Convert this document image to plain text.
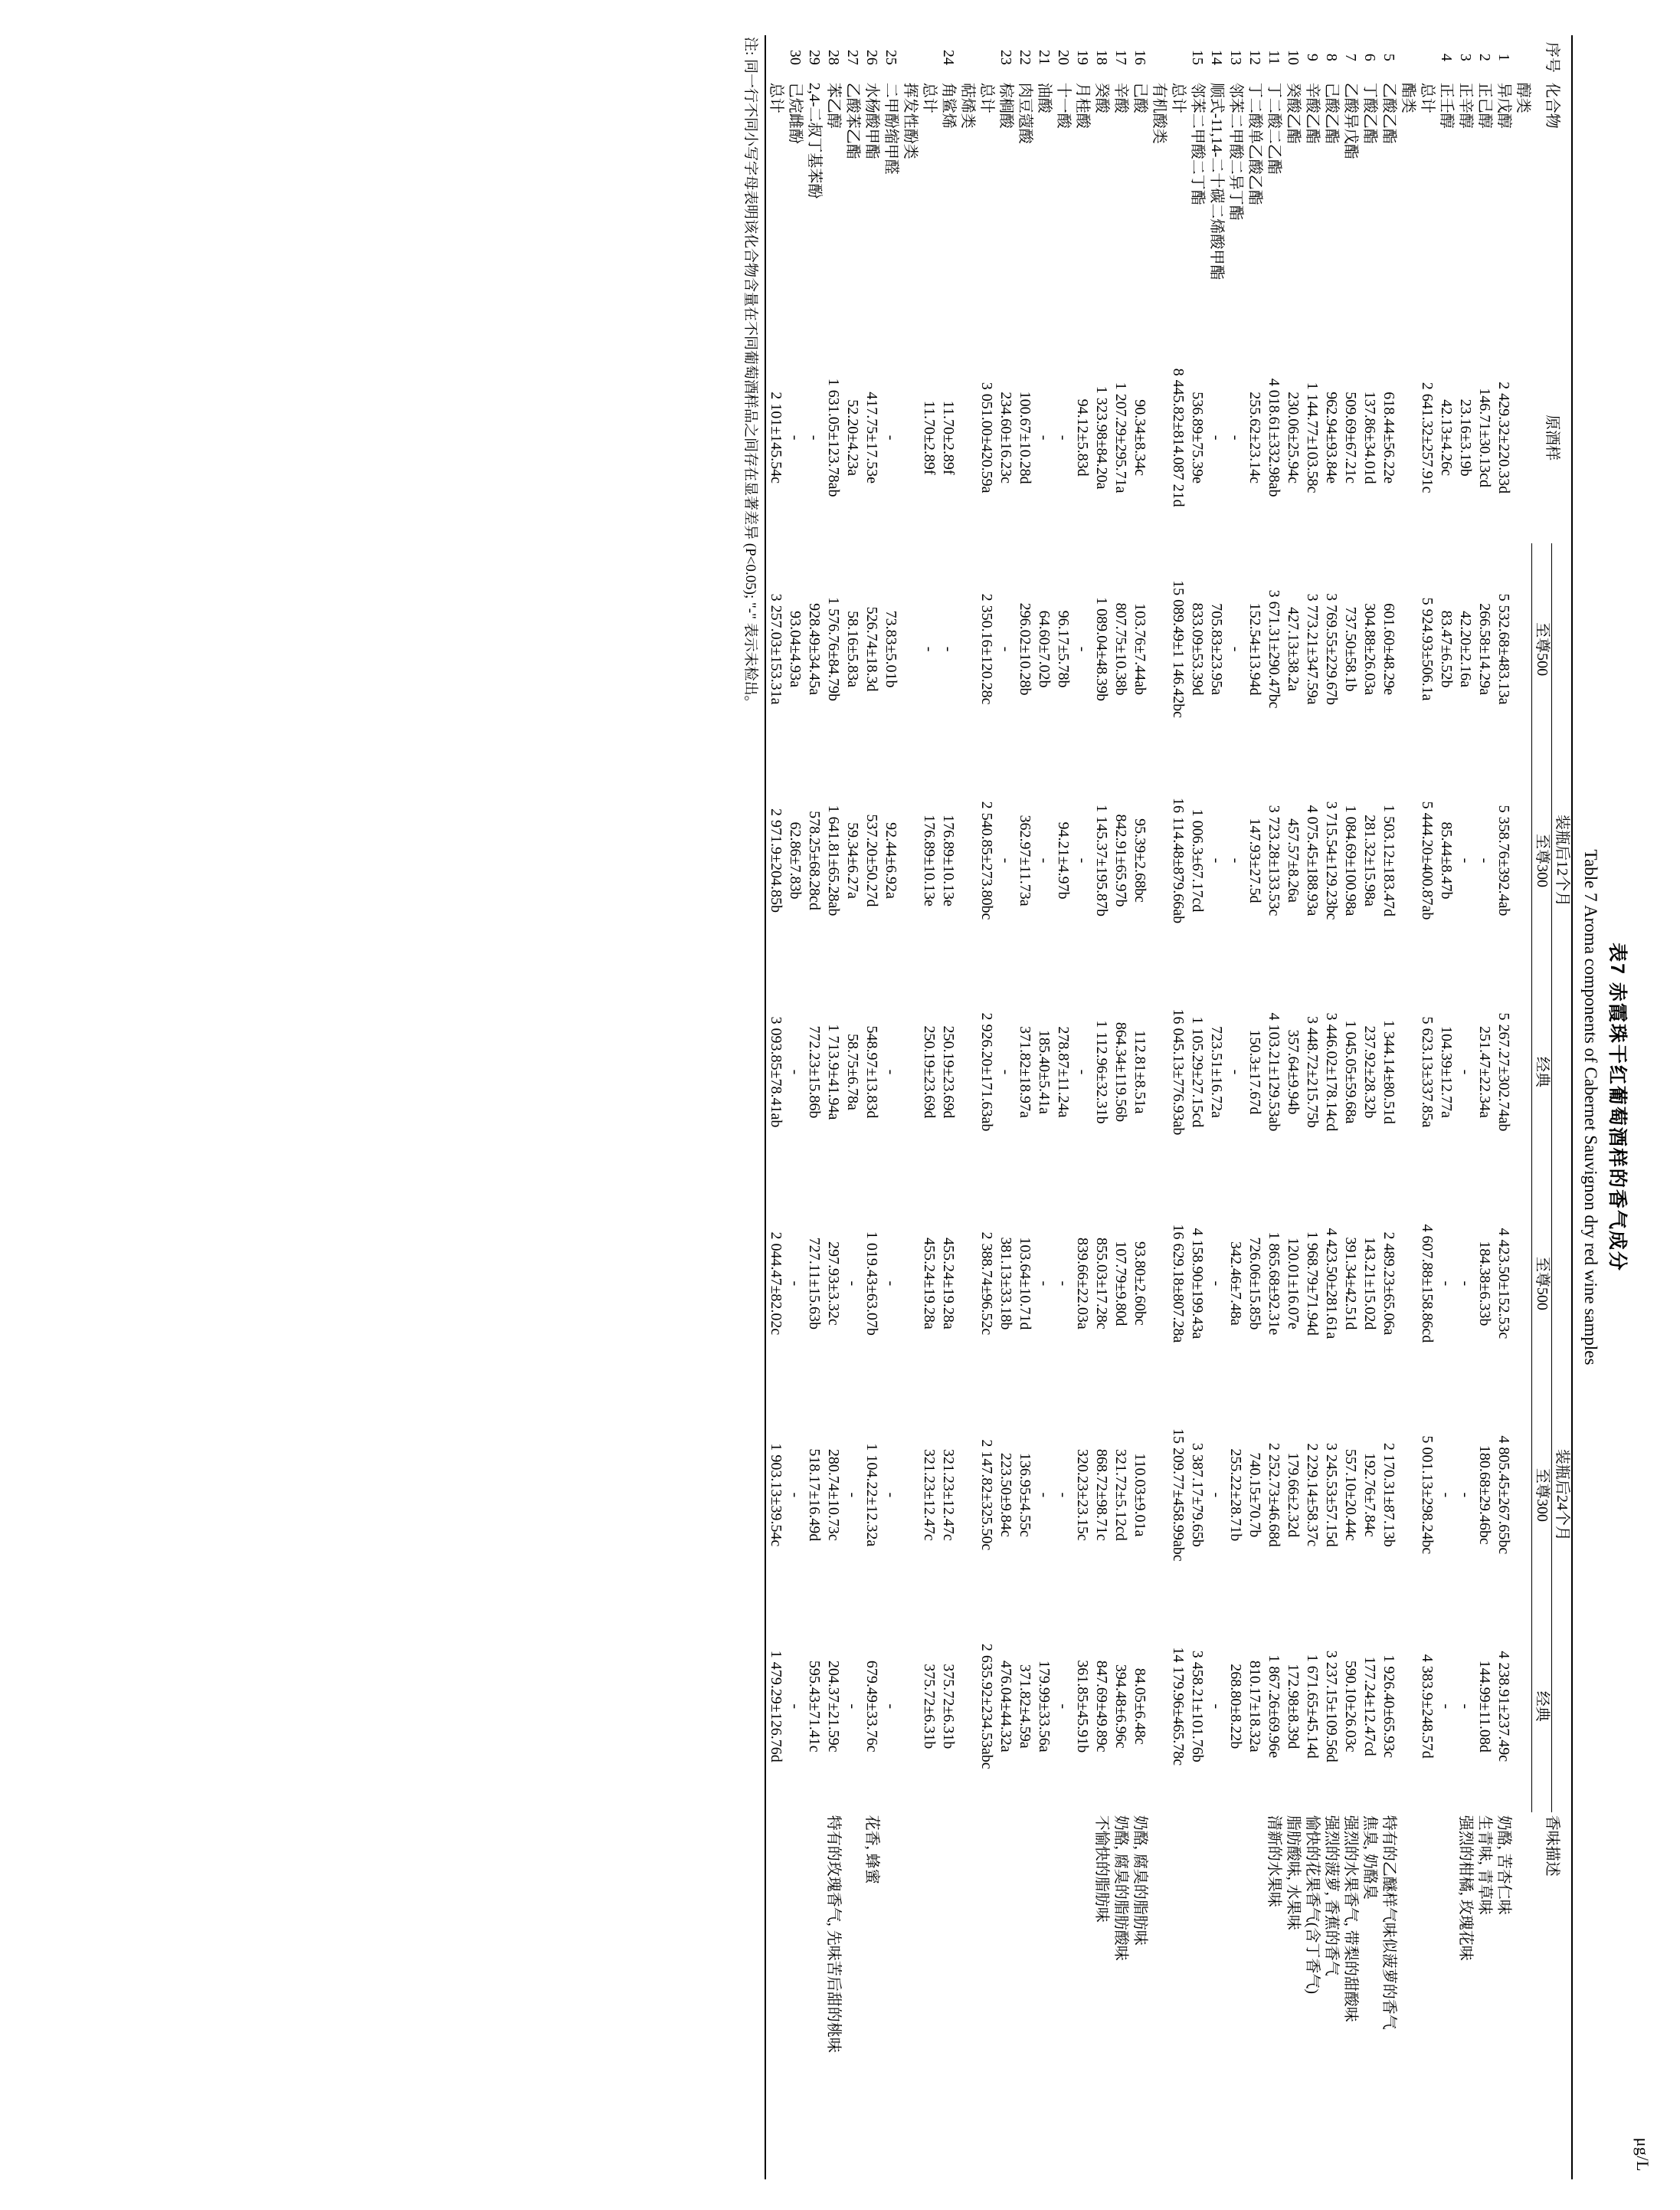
μg/L
表7 赤霞珠干红葡萄酒样的香气成分
Table 7 Aroma components of Cabernet Sauvignon dry red wine samples
序号	化合物	原酒样	装瓶后12个月			装瓶后24个月			香味描述
			至尊500	至尊300	经典	至尊500	至尊300	经典	
	醇类								
1	异戊醇	2 429.32±220.33d	5 532.68±483.13a	5 358.76±392.4ab	5 267.27±302.74ab	4 423.50±152.53c	4 805.45±267.65bc	4 238.91±237.49c	奶酪, 苦杏仁味
2	正己醇	146.71±30.13cd	266.58±14.29a	-	251.47±22.34a	184.38±6.33b	180.68±29.46bc	144.99±11.08d	生青味, 青草味
3	正辛醇	23.16±3.19b	42.20±2.16a	-	-	-	-	-	强烈的柑橘, 玫瑰花味
4	正壬醇	42.13±4.26c	83.47±6.52b	85.44±8.47b	104.39±12.77a	-	-	-	
	总计	2 641.32±257.91c	5 924.93±506.1a	5 444.20±400.87ab	5 623.13±337.85a	4 607.88±158.86cd	5 001.13±298.24bc	4 383.9±248.57d	
	酯类								
5	乙酸乙酯	618.44±56.22e	601.60±48.29e	1 503.12±183.47d	1 344.14±80.51d	2 489.23±65.06a	2 170.31±87.13b	1 926.40±65.93c	特有的乙醚样气味似菠萝的香气
6	丁酸乙酯	137.86±34.01d	304.88±26.03a	281.32±15.98a	237.92±28.32b	143.21±15.02d	192.76±7.84c	177.24±12.47cd	焦臭, 奶酪臭
7	乙酸异戊酯	509.69±67.21c	737.50±58.1b	1 084.69±100.98a	1 045.05±59.68a	391.34±42.51d	557.10±20.44c	590.10±26.03c	强烈的水果香气, 带梨的甜酸味
8	己酸乙酯	962.94±93.84e	3 769.55±229.67b	3 715.54±129.23bc	3 446.02±178.14cd	4 423.50±281.61a	3 245.53±57.15d	3 237.15±109.56d	强烈的菠萝, 香蕉的香气
9	辛酸乙酯	1 144.77±103.58c	3 773.21±347.59a	4 075.45±188.93a	3 448.72±215.75b	1 968.79±71.94d	2 229.14±58.37c	1 671.65±45.14d	愉快的花果香气(含丁香气)
10	癸酸乙酯	230.06±25.94c	427.13±38.2a	457.57±8.26a	357.64±9.94b	120.01±16.07e	179.66±2.32d	172.98±8.39d	脂肪酸味, 水果味
11	丁二酸二乙酯	4 018.61±332.98ab	3 671.31±290.47bc	3 723.28±133.53c	4 103.21±129.53ab	1 865.68±92.31e	2 252.73±46.68d	1 867.26±69.96e	清新的水果味
12	丁二酸单乙酸乙酯	255.62±23.14c	152.54±13.94d	147.93±27.5d	150.3±17.67d	726.06±15.85b	740.15±70.7b	810.17±18.32a	
13	邻苯二甲酸二异丁酯	-	-	-	-	342.46±7.48a	255.22±28.71b	268.80±8.22b	
14	顺式-11,14-二十碳二烯酸甲酯	-	705.83±23.95a	-	723.51±16.72a	-	-	-	
15	邻苯二甲酸二丁酯	536.89±75.39e	833.09±53.39d	1 006.3±67.17cd	1 105.29±27.15cd	4 158.90±199.43a	3 387.17±79.65b	3 458.21±101.76b	
	总计	8 445.82±814.087 21d	15 089.49±1 146.42bc	16 114.48±879.66ab	16 045.13±776.93ab	16 629.18±807.28a	15 209.77±458.99abc	14 179.96±465.78c	
	有机酸类								
16	己酸	90.34±8.34c	103.76±7.44ab	95.39±2.68bc	112.81±8.51a	93.80±2.60bc	110.03±9.01a	84.05±6.48c	奶酪, 腐臭的脂肪味
17	辛酸	1 207.29±295.71a	807.75±10.38b	842.91±65.97b	864.34±119.56b	107.79±9.80d	321.72±5.12cd	394.48±6.96c	奶酪, 腐臭的脂肪酸味
18	癸酸	1 323.98±84.20a	1 089.04±48.39b	1 145.37±195.87b	1 112.96±32.31b	855.03±17.28c	868.72±98.71c	847.69±49.89c	不愉快的脂肪味
19	月桂酸	94.12±5.83d	-	-	-	839.66±22.03a	320.23±23.15c	361.85±45.91b	
20	十一酸	-	96.17±5.78b	94.21±4.97b	278.87±11.24a	-	-	-	
21	油酸	-	64.60±7.02b	-	185.40±5.41a	-	-	179.99±33.56a	
22	肉豆蔻酸	100.67±10.28d	296.02±10.28b	362.97±11.73a	371.82±18.97a	103.64±10.71d	136.95±4.55c	371.82±4.59a	
23	棕榈酸	234.60±16.23c	-	-	-	381.13±33.18b	223.50±9.84c	476.04±44.32a	
	总计	3 051.00±420.59a	2 350.16±120.28c	2 540.85±273.80bc	2 926.20±171.63ab	2 388.74±96.52c	2 147.82±325.50c	2 635.92±234.53abc	
	萜烯类								
24	角鲨烯	11.70±2.89f	-	176.89±10.13e	250.19±23.69d	455.24±19.28a	321.23±12.47c	375.72±6.31b	
	总计	11.70±2.89f	-	176.89±10.13e	250.19±23.69d	455.24±19.28a	321.23±12.47c	375.72±6.31b	
	挥发性酚类								
25	二甲酚缩甲醛	-	73.83±5.01b	92.44±6.92a	-	-	-	-	
26	水杨酸甲酯	417.75±17.53e	526.74±18.3d	537.20±50.27d	548.97±13.83d	1 019.43±63.07b	1 104.22±12.32a	679.49±33.76c	花香, 蜂蜜
27	乙酸苯乙酯	52.20±4.23a	58.16±5.83a	59.34±6.27a	58.75±6.78a	-	-	-	
28	苯乙醇	1 631.05±123.78ab	1 576.76±84.79b	1 641.81±65.28ab	1 713.9±41.94a	297.93±3.32c	280.74±10.73c	204.37±21.59c	特有的玫瑰香气, 先味苦后甜的桃味
29	2,4-二叔丁基苯酚	-	928.49±34.45a	578.25±68.28cd	772.23±15.86b	727.11±15.63b	518.17±16.49d	595.43±71.41c	
30	己烷雌酚	-	93.04±4.93a	62.86±7.83b	-	-	-	-	
	总计	2 101±145.54c	3 257.03±153.31a	2 971.9±204.85b	3 093.85±78.41ab	2 044.47±82.02c	1 903.13±39.54c	1 479.29±126.76d	
注: 同一行不同小写字母表明该化合物含量在不同葡萄酒样品之间存在显著差异 (P<0.05); "-" 表示未检出。
